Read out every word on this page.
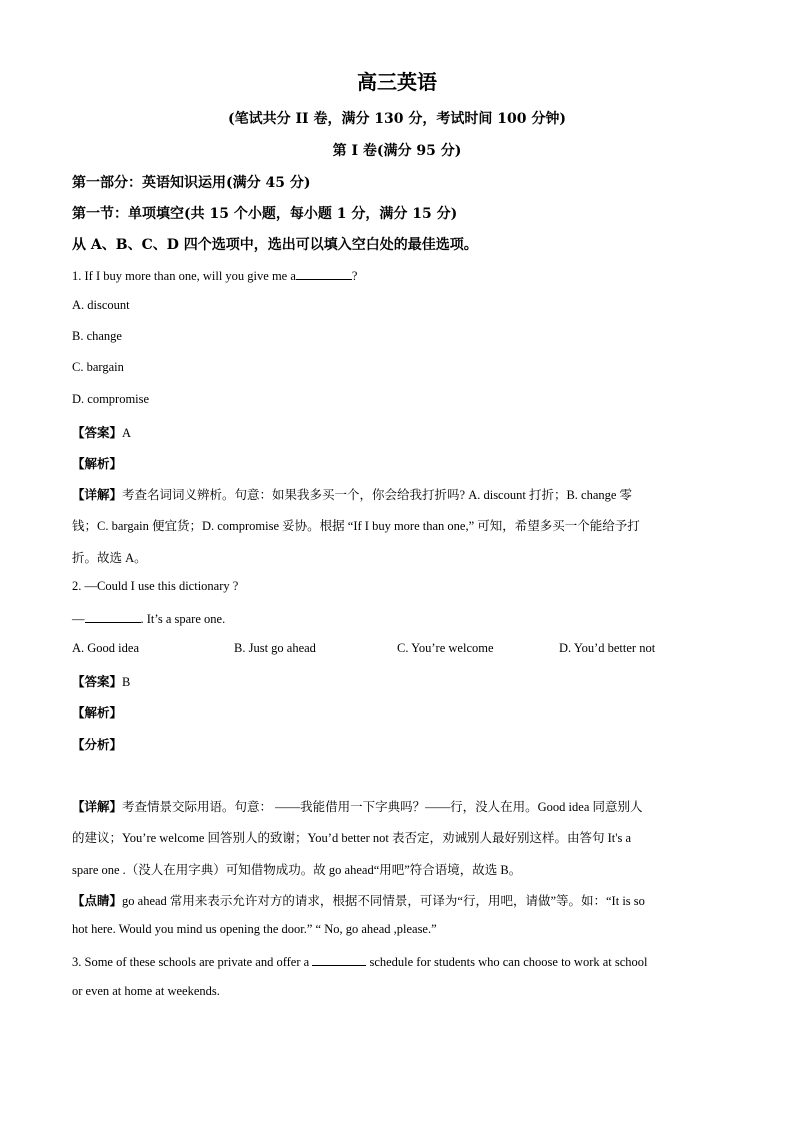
高三英语
(笔试共分 II 卷，满分 130 分，考试时间 100 分钟)
第 I 卷(满分 95 分)
第一部分：英语知识运用(满分 45 分)
第一节：单项填空(共 15 个小题，每小题 1 分，满分 15 分)
从 A、B、C、D 四个选项中，选出可以填入空白处的最佳选项。
1. If I buy more than one, will you give me a	?
A. discount
B. change
C. bargain
D. compromise
【答案】A
【解析】
【详解】考查名词词义辨析。句意：如果我多买一个，你会给我打折吗? A. discount 打折；B. change 零
钱；C. bargain 便宜货；D. compromise 妥协。根据 “If I buy more than one,” 可知，希望多买一个能给予打
折。故选 A。
2. —Could I use this dictionary ?
—	. It’s a spare one.
A. Good idea	B. Just go ahead	C. You’re welcome	D. You’d better not
【答案】B
【解析】
【分析】
【详解】考查情景交际用语。句意： ——我能借用一下字典吗？——行，没人在用。Good idea 同意别人
的建议；You’re welcome 回答别人的致谢；You’d better not 表否定，劝诫别人最好别这样。由答句 It's a
spare one .（没人在用字典）可知借物成功。故 go ahead“用吧”符合语境，故选 B。
【点睛】go ahead 常用来表示允许对方的请求，根据不同情景，可译为“行，用吧，请做”等。如：“It is so
hot here. Would you mind us opening the door.” “ No, go ahead ,please.”
3. Some of these schools are private and offer a	schedule for students who can choose to work at school
or even at home at weekends.
